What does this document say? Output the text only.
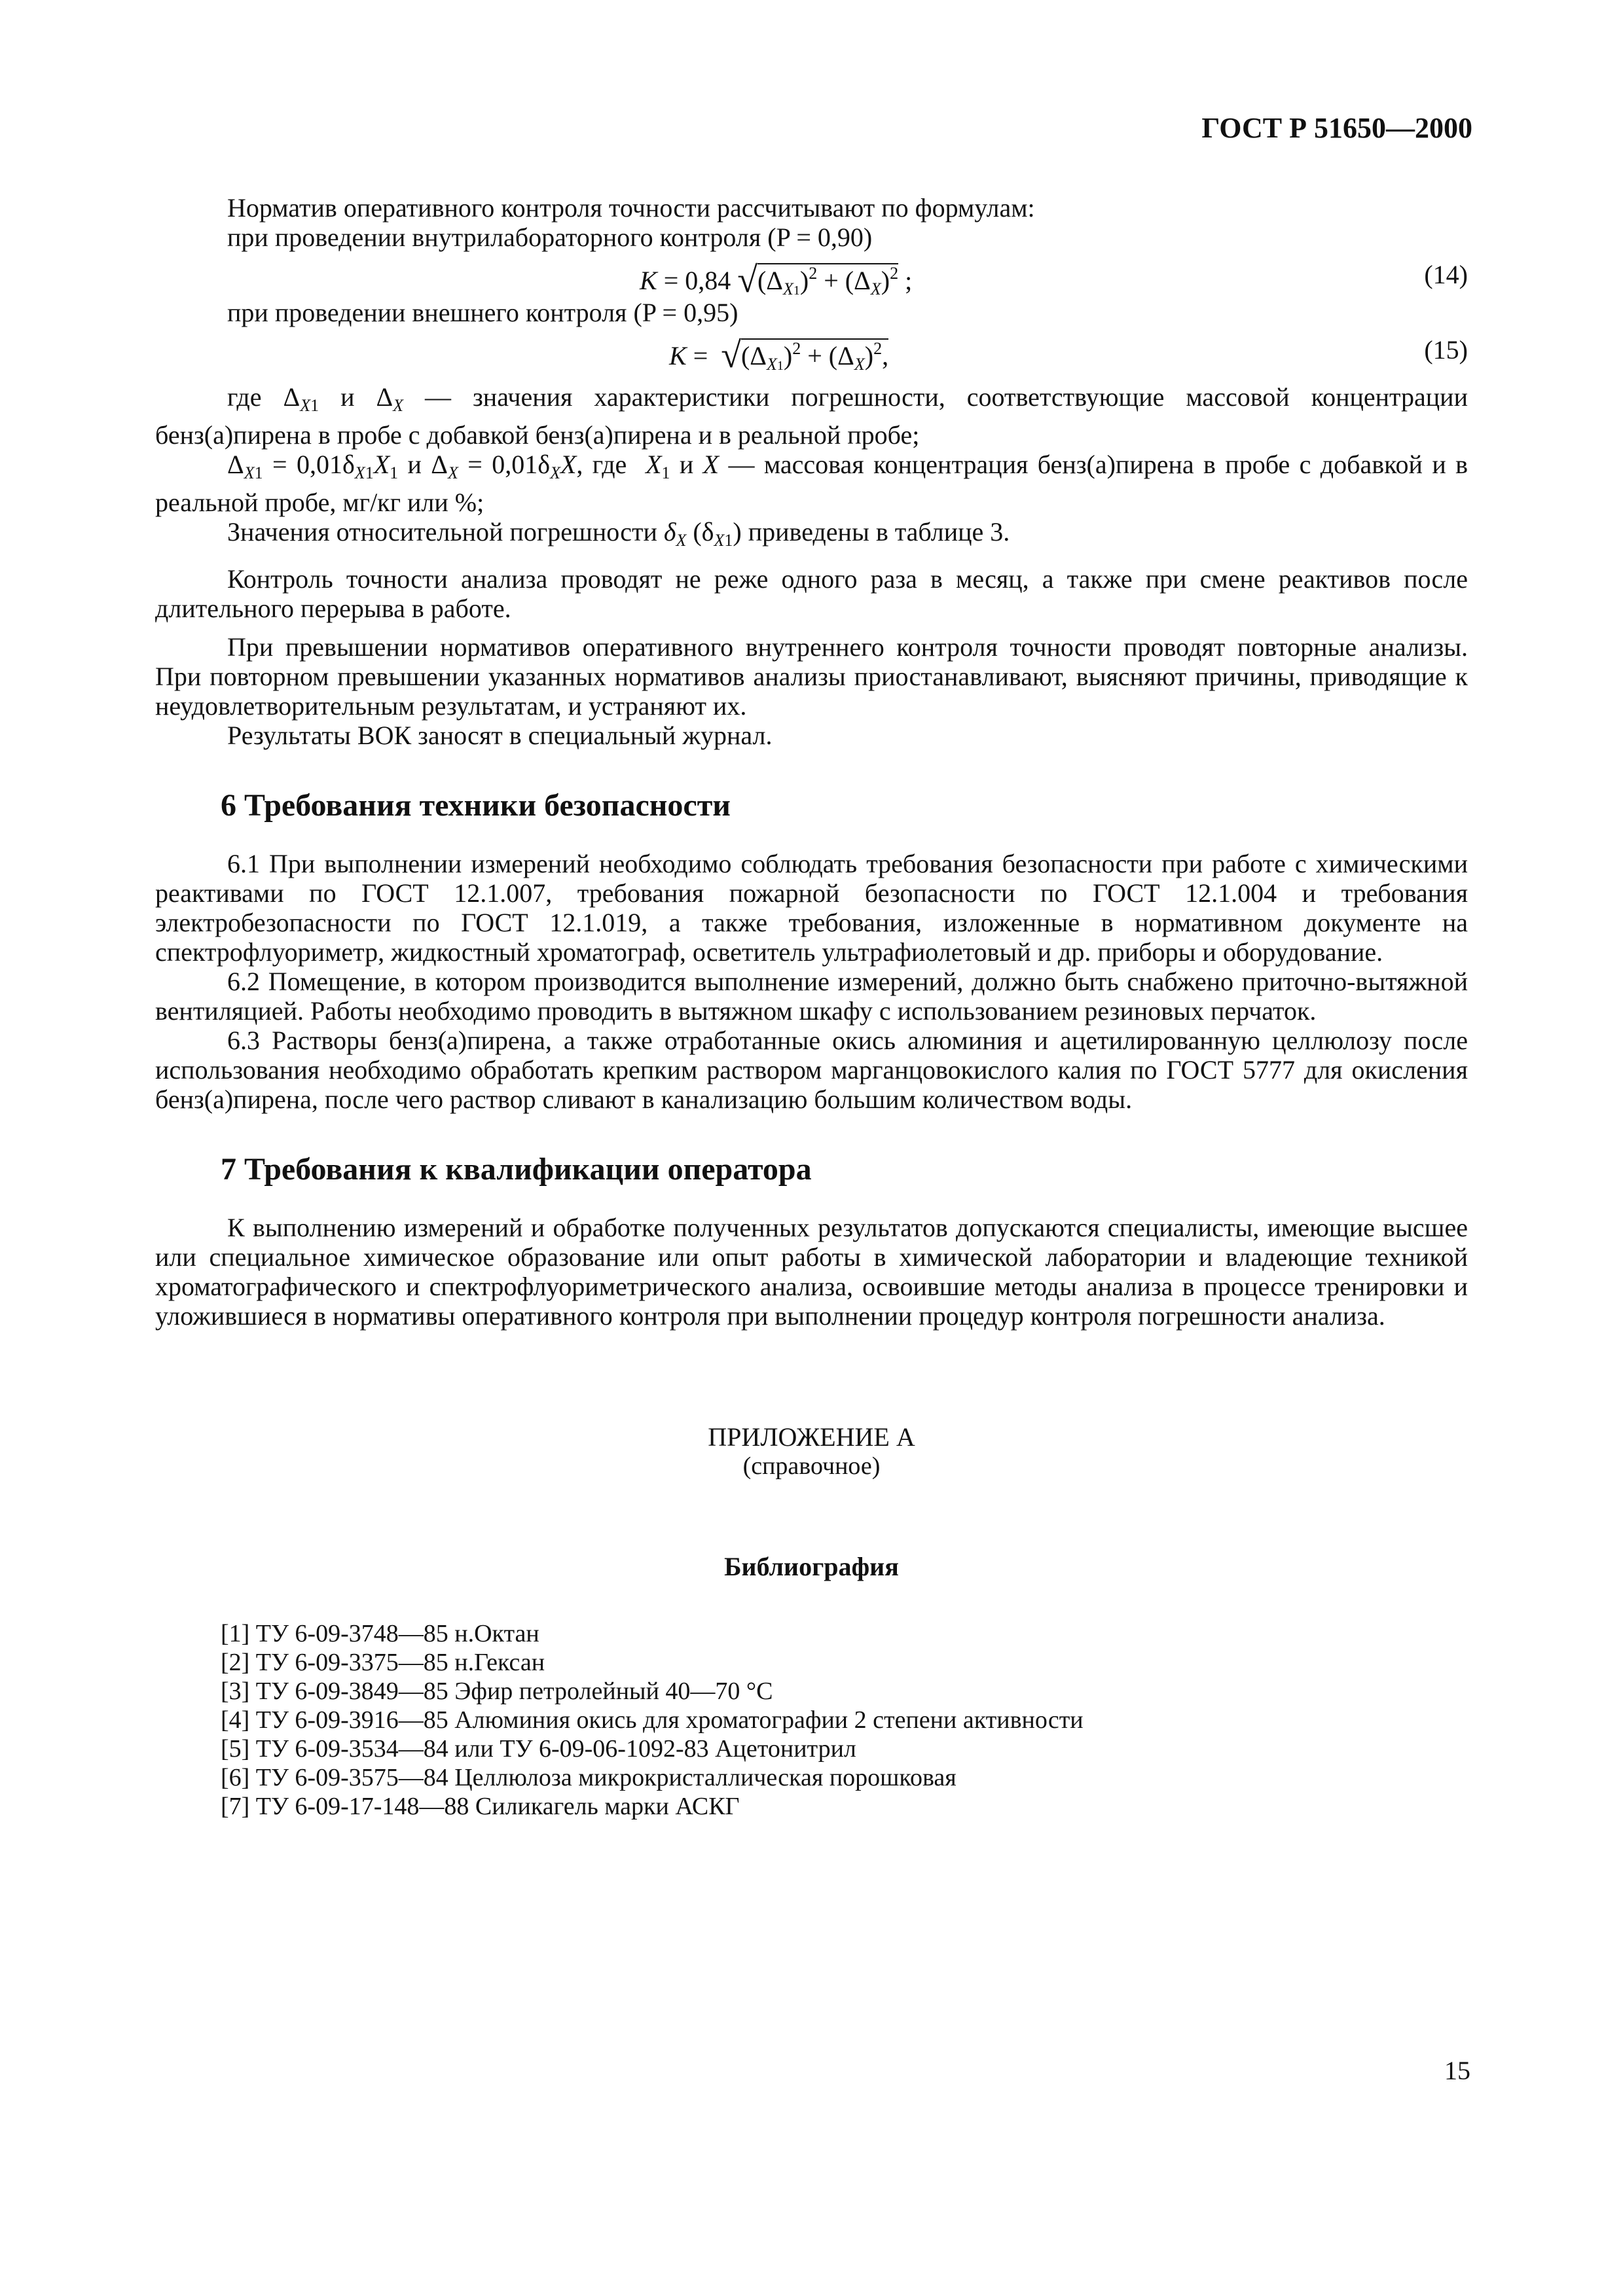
ГОСТ Р 51650—2000

Норматив оперативного контроля точности рассчитывают по формулам:

при проведении внутрилабораторного контроля (P = 0,90)

K = 0,84 $√(\Delta_{X1})^2 + (\Delta_X)^2$ ;	(14)

при проведении внешнего контроля (P = 0,95)

$K = √(\Delta_{X1})^2 + (\Delta_X)^2$,	(15)

где $\Delta_{X1}$ и $\Delta_X$ — значения характеристики погрешности, соответствующие массовой концентрации бенз(а)пирена в пробе с добавкой бенз(а)пирена и в реальной пробе;

$\Delta_{X1} = 0,01\delta_{X1}X_1$ и $\Delta_X = 0,01\delta_XX$, где  $X_1$ и X — массовая концентрация бенз(а)пирена в пробе с добавкой и в реальной пробе, мг/кг или %;

Значения относительной погрешности $\delta_X$ $(\delta_{X1})$ приведены в таблице 3.

Контроль точности анализа проводят не реже одного раза в месяц, а также при смене реактивов после длительного перерыва в работе.

При превышении нормативов оперативного внутреннего контроля точности проводят повторные анализы. При повторном превышении указанных нормативов анализы приостанавливают, выясняют причины, приводящие к неудовлетворительным результатам, и устраняют их.

Результаты ВОК заносят в специальный журнал.

6 Требования техники безопасности

6.1 При выполнении измерений необходимо соблюдать требования безопасности при работе с химическими реактивами по ГОСТ 12.1.007, требования пожарной безопасности по ГОСТ 12.1.004 и требования электробезопасности по ГОСТ 12.1.019, а также требования, изложенные в нормативном документе на спектрофлуориметр, жидкостный хроматограф, осветитель ультрафиолетовый и др. приборы и оборудование.

6.2 Помещение, в котором производится выполнение измерений, должно быть снабжено приточно-вытяжной вентиляцией. Работы необходимо проводить в вытяжном шкафу с использованием резиновых перчаток.

6.3 Растворы бенз(а)пирена, а также отработанные окись алюминия и ацетилированную целлюлозу после использования необходимо обработать крепким раствором марганцовокислого калия по ГОСТ 5777 для окисления бенз(а)пирена, после чего раствор сливают в канализацию большим количеством воды.

7 Требования к квалификации оператора

К выполнению измерений и обработке полученных результатов допускаются специалисты, имеющие высшее или специальное химическое образование или опыт работы в химической лаборатории и владеющие техникой хроматографического и спектрофлуориметрического анализа, освоившие методы анализа в процессе тренировки и уложившиеся в нормативы оперативного контроля при выполнении процедур контроля погрешности анализа.

ПРИЛОЖЕНИЕ А
(справочное)
Библиография
[1] ТУ 6-09-3748—85 н.Октан
[2] ТУ 6-09-3375—85 н.Гексан
[3] ТУ 6-09-3849—85 Эфир петролейный 40—70 °С
[4] ТУ 6-09-3916—85 Алюминия окись для хроматографии 2 степени активности
[5] ТУ 6-09-3534—84 или ТУ 6-09-06-1092-83 Ацетонитрил
[6] ТУ 6-09-3575—84 Целлюлоза микрокристаллическая порошковая
[7] ТУ 6-09-17-148—88 Силикагель марки АСКГ
15
